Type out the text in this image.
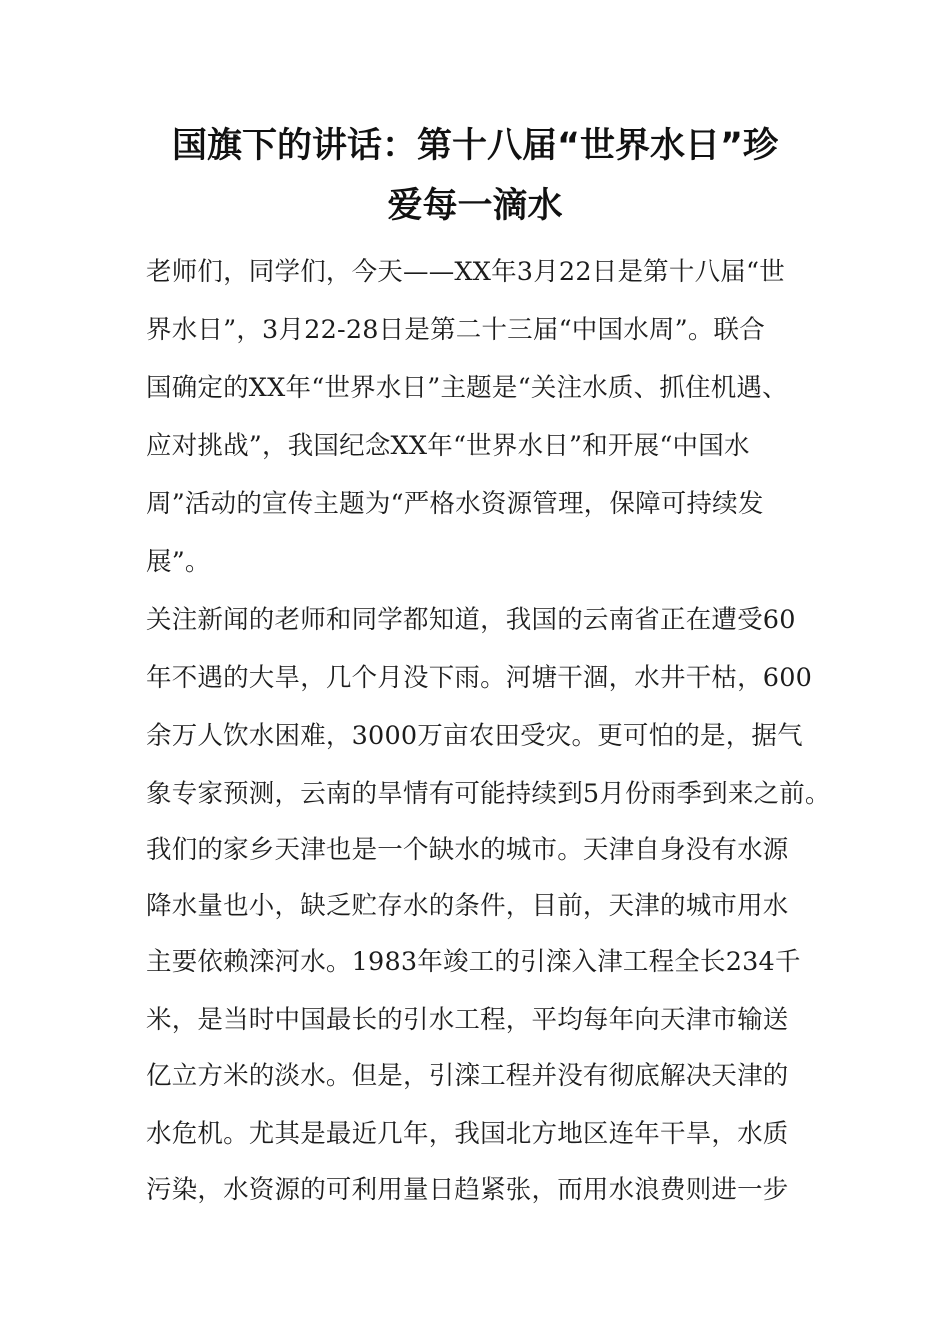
国旗下的讲话：第十八届“世界水日”珍
爱每一滴水
老师们，同学们，今天——XX年3月22日是第十八届“世
界水日”，3月22-28日是第二十三届“中国水周”。联合
国确定的XX年“世界水日”主题是“关注水质、抓住机遇、
应对挑战”，我国纪念XX年“世界水日”和开展“中国水
周”活动的宣传主题为“严格水资源管理，保障可持续发
展”。
关注新闻的老师和同学都知道，我国的云南省正在遭受60
年不遇的大旱，几个月没下雨。河塘干涸，水井干枯，600
余万人饮水困难，3000万亩农田受灾。更可怕的是，据气
象专家预测，云南的旱情有可能持续到5月份雨季到来之前。
我们的家乡天津也是一个缺水的城市。天津自身没有水源
降水量也小，缺乏贮存水的条件，目前，天津的城市用水
主要依赖滦河水。1983年竣工的引滦入津工程全长234千
米，是当时中国最长的引水工程，平均每年向天津市输送
亿立方米的淡水。但是，引滦工程并没有彻底解决天津的
水危机。尤其是最近几年，我国北方地区连年干旱，水质
污染，水资源的可利用量日趋紧张，而用水浪费则进一步
